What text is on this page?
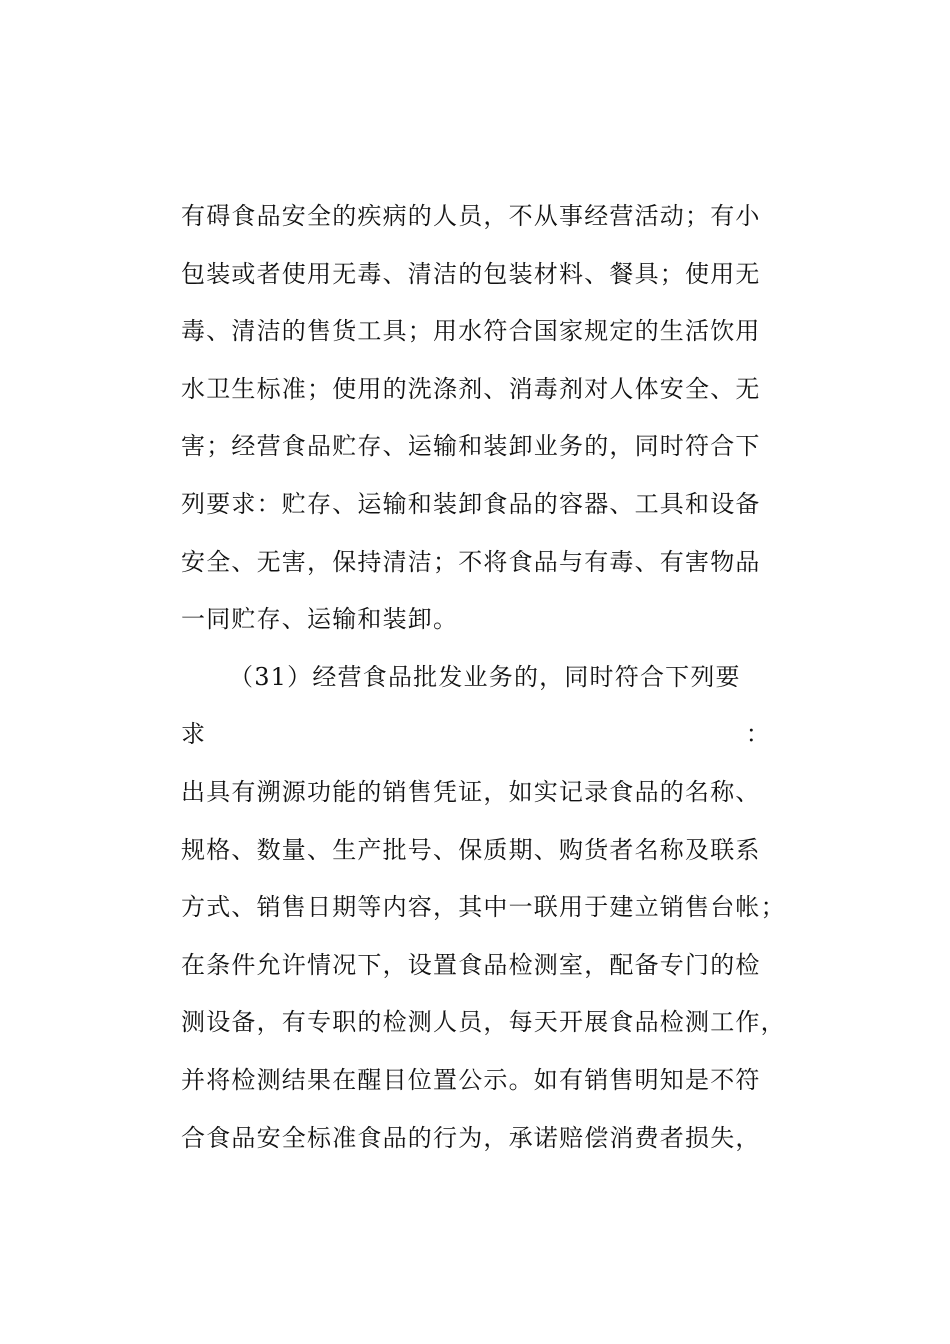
有碍食品安全的疾病的人员，不从事经营活动；有小
包装或者使用无毒、清洁的包装材料、餐具；使用无
毒、清洁的售货工具；用水符合国家规定的生活饮用
水卫生标准；使用的洗涤剂、消毒剂对人体安全、无
害；经营食品贮存、运输和装卸业务的，同时符合下
列要求：贮存、运输和装卸食品的容器、工具和设备
安全、无害，保持清洁；不将食品与有毒、有害物品
一同贮存、运输和装卸。
（31）经营食品批发业务的，同时符合下列要
求	：
出具有溯源功能的销售凭证，如实记录食品的名称、
规格、数量、生产批号、保质期、购货者名称及联系
方式、销售日期等内容，其中一联用于建立销售台帐；
在条件允许情况下，设置食品检测室，配备专门的检
测设备，有专职的检测人员，每天开展食品检测工作，
并将检测结果在醒目位置公示。如有销售明知是不符
合食品安全标准食品的行为，承诺赔偿消费者损失，
